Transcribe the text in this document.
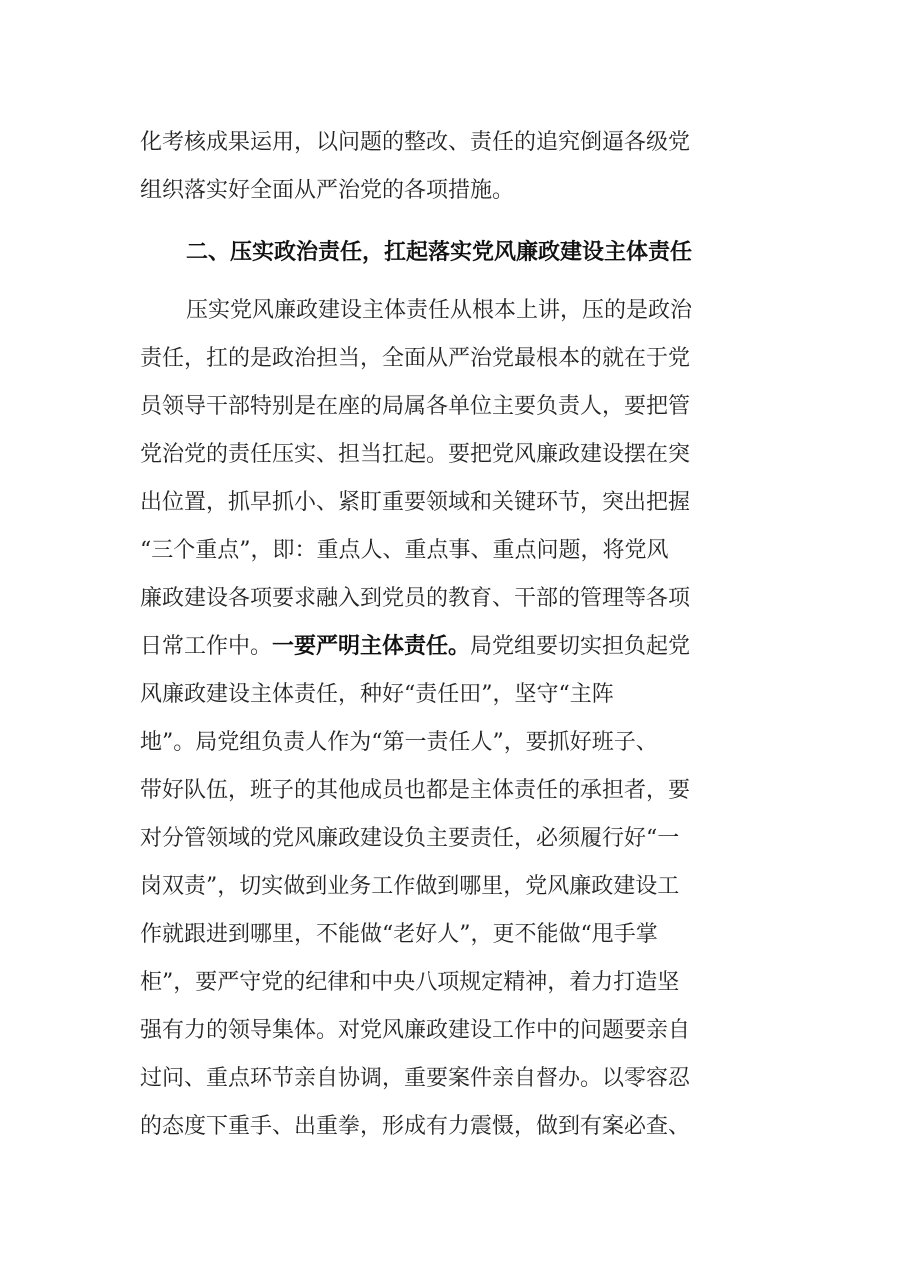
化考核成果运用，以问题的整改、责任的追究倒逼各级党
组织落实好全面从严治党的各项措施。
二、压实政治责任，扛起落实党风廉政建设主体责任
压实党风廉政建设主体责任从根本上讲，压的是政治
责任，扛的是政治担当，全面从严治党最根本的就在于党
员领导干部特别是在座的局属各单位主要负责人，要把管
党治党的责任压实、担当扛起。要把党风廉政建设摆在突
出位置，抓早抓小、紧盯重要领域和关键环节，突出把握
“三个重点”，即：重点人、重点事、重点问题，将党风
廉政建设各项要求融入到党员的教育、干部的管理等各项
日常工作中。一要严明主体责任。局党组要切实担负起党
风廉政建设主体责任，种好“责任田”，坚守“主阵
地”。局党组负责人作为“第一责任人”，要抓好班子、
带好队伍，班子的其他成员也都是主体责任的承担者，要
对分管领域的党风廉政建设负主要责任，必须履行好“一
岗双责”，切实做到业务工作做到哪里，党风廉政建设工
作就跟进到哪里，不能做“老好人”，更不能做“甩手掌
柜”，要严守党的纪律和中央八项规定精神，着力打造坚
强有力的领导集体。对党风廉政建设工作中的问题要亲自
过问、重点环节亲自协调，重要案件亲自督办。以零容忍
的态度下重手、出重拳，形成有力震慑，做到有案必查、
